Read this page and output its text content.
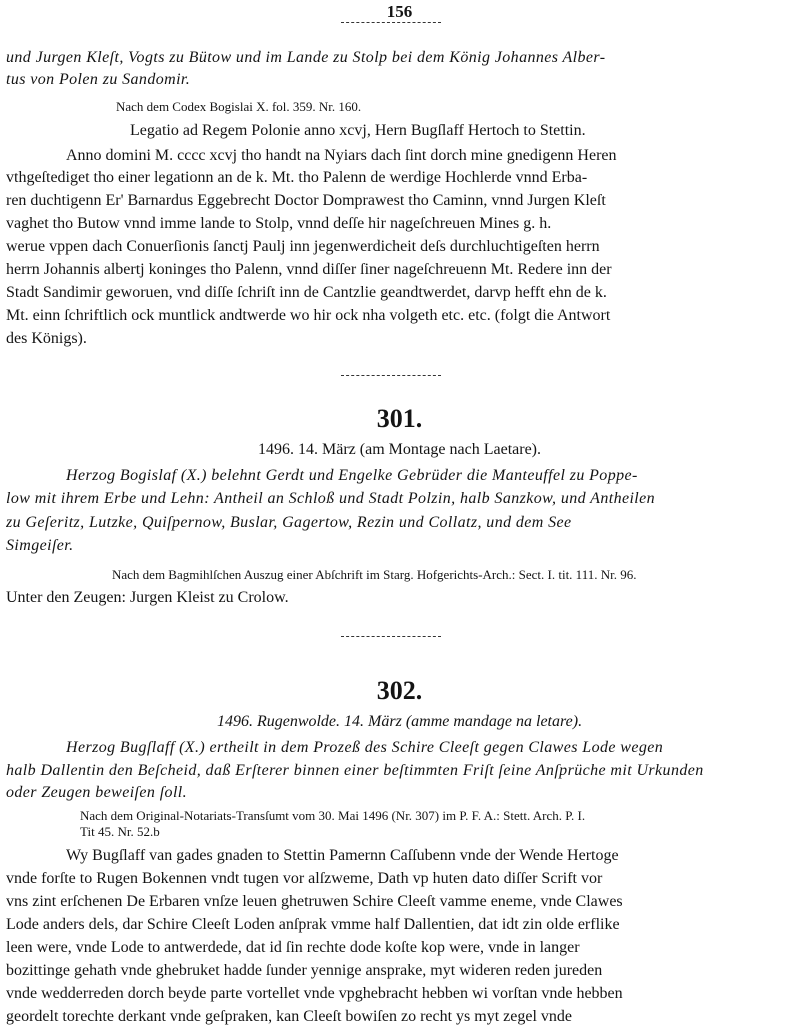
156
und Jurgen Kleſt, Vogts zu Bütow und im Lande zu Stolp bei dem König Johannes Alber-
tus von Polen zu Sandomir.
Nach dem Codex Bogislai X. fol. 359. Nr. 160.
Legatio ad Regem Polonie anno xcvj, Hern Bugſlaff Hertoch to Stettin.
Anno domini M. cccc xcvj tho handt na Nyiars dach ſint dorch mine gnedigenn Heren
vthgeſtediget tho einer legationn an de k. Mt. tho Palenn de werdige Hochlerde vnnd Erba-
ren duchtigenn Er' Barnardus Eggebrecht Doctor Domprawest tho Caminn, vnnd Jurgen Kleſt
vaghet tho Butow vnnd imme lande to Stolp, vnnd deſſe hir nageſchreuen Mines g. h.
werue vppen dach Conuerſionis ſanctj Paulj inn jegenwerdicheit deſs durchluchtigeſten herrn
herrn Johannis albertj koninges tho Palenn, vnnd diſſer ſiner nageſchreuenn Mt. Redere inn der
Stadt Sandimir geworuen, vnd diſſe ſchriſt inn de Cantzlie geandtwerdet, darvp hefft ehn de k.
Mt. einn ſchriftlich ock muntlick andtwerde wo hir ock nha volgeth etc. etc. (folgt die Antwort
des Königs).
301.
1496. 14. März (am Montage nach Laetare).
Herzog Bogislaf (X.) belehnt Gerdt und Engelke Gebrüder die Manteuffel zu Poppe-
low mit ihrem Erbe und Lehn: Antheil an Schloß und Stadt Polzin, halb Sanzkow, und Antheilen
zu Geſeritz, Lutzke, Quiſpernow, Buslar, Gagertow, Rezin und Collatz, und dem See
Simgeiſer.
Nach dem Bagmihlſchen Auszug einer Abſchrift im Starg. Hofgerichts-Arch.: Sect. I. tit. 111. Nr. 96.
Unter den Zeugen: Jurgen Kleist zu Crolow.
302.
1496. Rugenwolde. 14. März (amme mandage na letare).
Herzog Bugſlaff (X.) ertheilt in dem Prozeß des Schire Cleeſt gegen Clawes Lode wegen
halb Dallentin den Beſcheid, daß Erſterer binnen einer beſtimmten Friſt ſeine Anſprüche mit Urkunden
oder Zeugen beweiſen ſoll.
Nach dem Original-Notariats-Transſumt vom 30. Mai 1496 (Nr. 307) im P. F. A.: Stett. Arch. P. I.
Tit 45. Nr. 52.b
Wy Bugſlaff van gades gnaden to Stettin Pamernn Caſſubenn vnde der Wende Hertoge
vnde forſte to Rugen Bokennen vndt tugen vor alſzweme, Dath vp huten dato diſſer Scrift vor
vns zint erſchenen De Erbaren vnſze leuen ghetruwen Schire Cleeſt vamme eneme, vnde Clawes
Lode anders dels, dar Schire Cleeſt Loden anſprak vmme half Dallentien, dat idt zin olde erflike
leen were, vnde Lode to antwerdede, dat id ſin rechte dode koſte kop were, vnde in langer
bozittinge gehath vnde ghebruket hadde ſunder yennige ansprake, myt wideren reden jureden
vnde wedderreden dorch beyde parte vortellet vnde vpghebracht hebben wi vorſtan vnde hebben
geordelt torechte derkant vnde geſpraken, kan Cleeſt bowiſen zo recht ys myt zegel vnde
